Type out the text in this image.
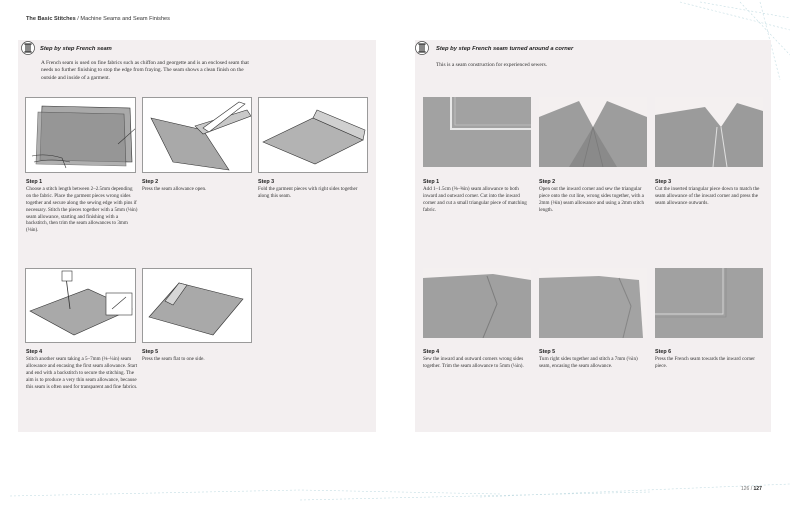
The Basic Stitches / Machine Seams and Seam Finishes
Step by step French seam
A French seam is used on fine fabrics such as chiffon and georgette and is an enclosed seam that needs no further finishing to stop the edge from fraying. The seam shows a clean finish on the outside and inside of a garment.
Step 1
Choose a stitch length between 2–2.5mm depending on the fabric. Place the garment pieces wrong sides together and secure along the sewing edge with pins if necessary. Stitch the pieces together with a 5mm (⅛in) seam allowance, starting and finishing with a backstitch, then trim the seam allowances to 3mm (⅛in).
Step 2
Press the seam allowance open.
Step 3
Fold the garment pieces with right sides together along this seam.
Step 4
Stitch another seam taking a 5–7mm (⅛–¼in) seam allowance and encasing the first seam allowance. Start and end with a backstitch to secure the stitching. The aim is to produce a very thin seam allowance, because this seam is often used for transparent and fine fabrics.
Step 5
Press the seam flat to one side.
Step by step French seam turned around a corner
This is a seam construction for experienced sewers.
Step 1
Add 1–1.5cm (⅜–⅝in) seam allowance to both inward and outward corner. Cut into the inward corner and cut a small triangular piece of matching fabric.
Step 2
Open out the inward corner and sew the triangular piece onto the cut line, wrong sides together, with a 2mm (⅛in) seam allowance and using a 2mm stitch length.
Step 3
Cut the inserted triangular piece down to match the seam allowance of the inward corner and press the seam allowance outwards.
Step 4
Sew the inward and outward corners wrong sides together. Trim the seam allowance to 5mm (¼in).
Step 5
Turn right sides together and stitch a 7mm (¼in) seam, encasing the seam allowance.
Step 6
Press the French seam towards the inward corner piece.
126 / 127
